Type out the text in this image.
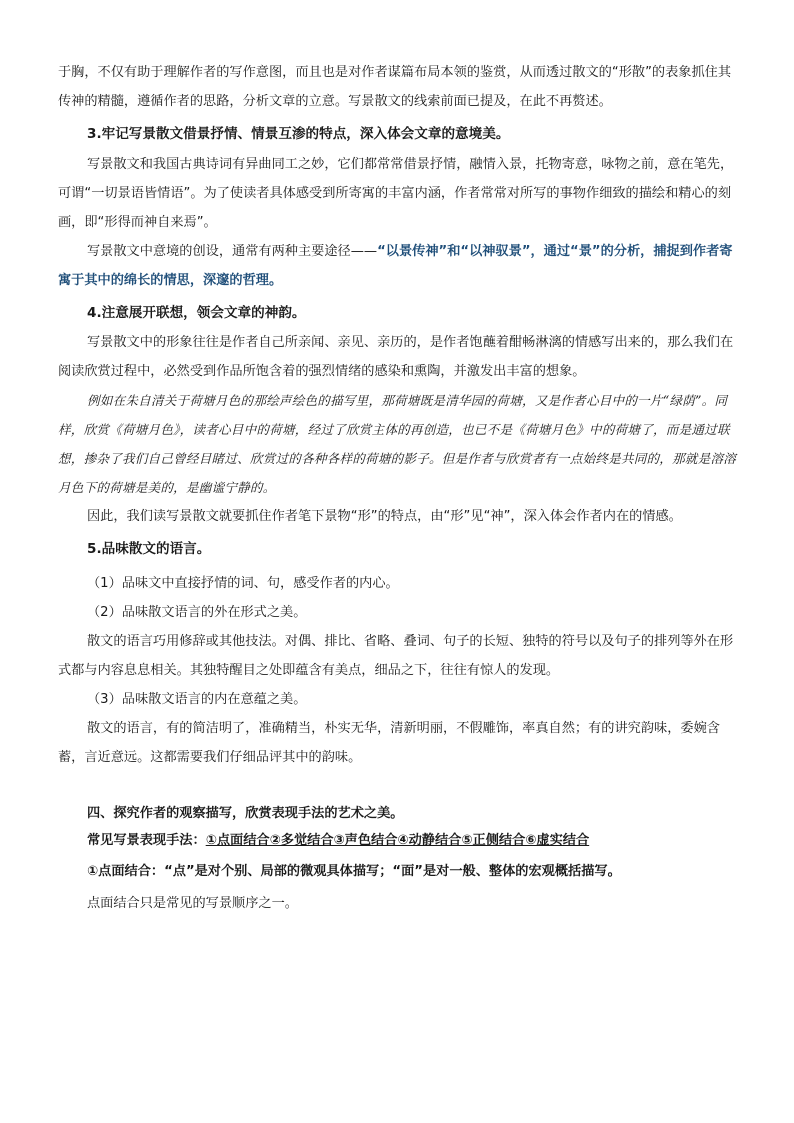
于胸，不仅有助于理解作者的写作意图，而且也是对作者谋篇布局本领的鉴赏，从而透过散文的“形散”的表象抓住其传神的精髓，遵循作者的思路，分析文章的立意。写景散文的线索前面已提及，在此不再赘述。

3.牢记写景散文借景抒情、情景互渗的特点，深入体会文章的意境美。

写景散文和我国古典诗词有异曲同工之妙，它们都常常借景抒情，融情入景，托物寄意，咏物之前，意在笔先，可谓“一切景语皆情语”。为了使读者具体感受到所寄寓的丰富内涵，作者常常对所写的事物作细致的描绘和精心的刻画，即“形得而神自来焉”。

写景散文中意境的创设，通常有两种主要途径——“以景传神”和“以神驭景”，通过“景”的分析，捕捉到作者寄寓于其中的绵长的情思，深邃的哲理。

4.注意展开联想，领会文章的神韵。

写景散文中的形象往往是作者自己所亲闻、亲见、亲历的，是作者饱蘸着酣畅淋漓的情感写出来的，那么我们在阅读欣赏过程中，必然受到作品所饱含着的强烈情绪的感染和熏陶，并激发出丰富的想象。

例如在朱自清关于荷塘月色的那绘声绘色的描写里，那荷塘既是清华园的荷塘，又是作者心目中的一片“绿荫”。同样，欣赏《荷塘月色》，读者心目中的荷塘，经过了欣赏主体的再创造，也已不是《荷塘月色》中的荷塘了，而是通过联想，掺杂了我们自己曾经目睹过、欣赏过的各种各样的荷塘的影子。但是作者与欣赏者有一点始终是共同的，那就是溶溶月色下的荷塘是美的，是幽谧宁静的。

因此，我们读写景散文就要抓住作者笔下景物“形”的特点，由“形”见“神”，深入体会作者内在的情感。

5.品味散文的语言。

（1）品味文中直接抒情的词、句，感受作者的内心。

（2）品味散文语言的外在形式之美。

散文的语言巧用修辞或其他技法。对偶、排比、省略、叠词、句子的长短、独特的符号以及句子的排列等外在形式都与内容息息相关。其独特醒目之处即蕴含有美点，细品之下，往往有惊人的发现。

（3）品味散文语言的内在意蕴之美。

散文的语言，有的简洁明了，准确精当，朴实无华，清新明丽，不假雕饰，率真自然；有的讲究韵味，委婉含蓄，言近意远。这都需要我们仔细品评其中的韵味。

四、探究作者的观察描写，欣赏表现手法的艺术之美。

常见写景表现手法：①点面结合②多觉结合③声色结合④动静结合⑤正侧结合⑥虚实结合

①点面结合：“点”是对个别、局部的微观具体描写；“面”是对一般、整体的宏观概括描写。

点面结合只是常见的写景顺序之一。
